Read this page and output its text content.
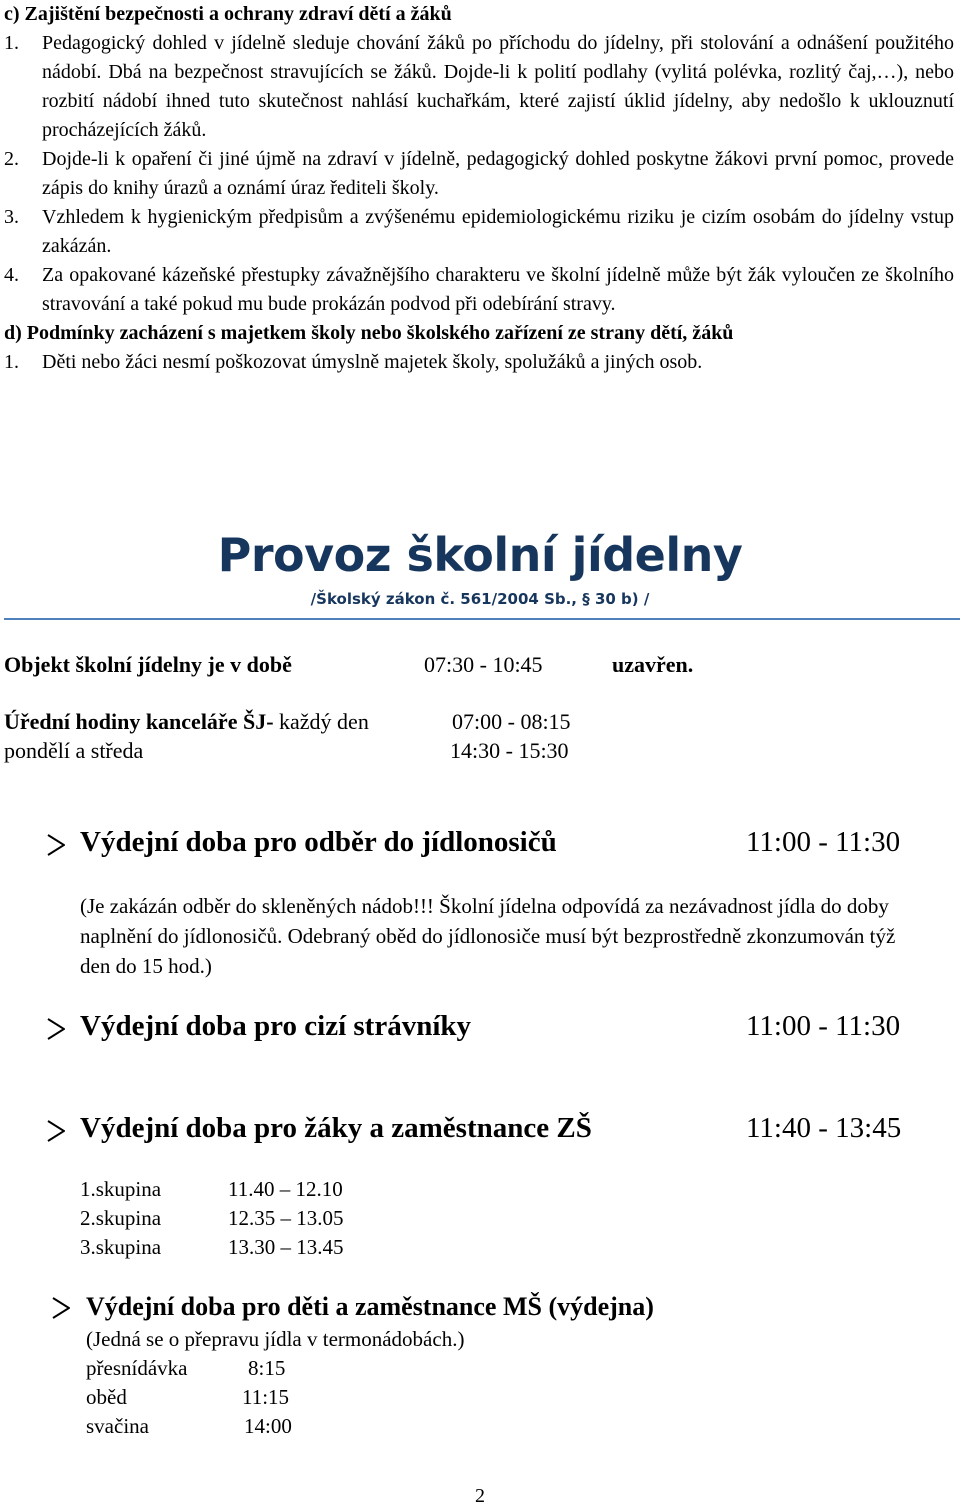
c) Zajištění bezpečnosti a ochrany zdraví dětí a žáků
1.	Pedagogický dohled v jídelně sleduje chování žáků po příchodu do jídelny, při stolování a odnášení použitého nádobí. Dbá na bezpečnost stravujících se žáků. Dojde-li k polití podlahy (vylitá polévka, rozlitý čaj,…), nebo rozbití nádobí ihned tuto skutečnost nahlásí kuchařkám, které zajistí úklid jídelny, aby nedošlo k uklouznutí procházejících žáků.
2.	Dojde-li k opaření či jiné újmě na zdraví v jídelně, pedagogický dohled poskytne žákovi první pomoc, provede zápis do knihy úrazů a oznámí úraz řediteli školy.
3.	Vzhledem k hygienickým předpisům a zvýšenému epidemiologickému riziku je cizím osobám do jídelny vstup zakázán.
4.	Za opakované kázeňské přestupky závažnějšího charakteru ve školní jídelně může být žák vyloučen ze školního stravování a také pokud mu bude prokázán podvod při odebírání stravy.
d) Podmínky zacházení s majetkem školy nebo školského zařízení ze strany dětí, žáků
1.	Děti nebo žáci nesmí poškozovat úmyslně majetek školy, spolužáků a jiných osob.
Provoz školní jídelny
/Školský zákon č. 561/2004 Sb., § 30 b) /
Objekt školní jídelny je v době	07:30 - 10:45	uzavřen.
Úřední hodiny kanceláře ŠJ- každý den	07:00 - 08:15
pondělí a středa	14:30 - 15:30
Výdejní doba pro odběr do jídlonosičů	11:00 - 11:30
(Je zakázán odběr do skleněných nádob!!! Školní jídelna odpovídá za nezávadnost jídla do doby naplnění do jídlonosičů. Odebraný oběd do jídlonosiče musí být bezprostředně zkonzumován týž den do 15 hod.)
Výdejní doba pro cizí strávníky	11:00 - 11:30
Výdejní doba pro žáky a zaměstnance ZŠ	11:40 - 13:45
1.skupina	11.40 – 12.10
2.skupina	12.35 – 13.05
3.skupina	13.30 – 13.45
Výdejní doba pro děti a zaměstnance MŠ (výdejna)
(Jedná se o přepravu jídla v termonádobách.)
přesnídávka	8:15
oběd	11:15
svačina	14:00
2
